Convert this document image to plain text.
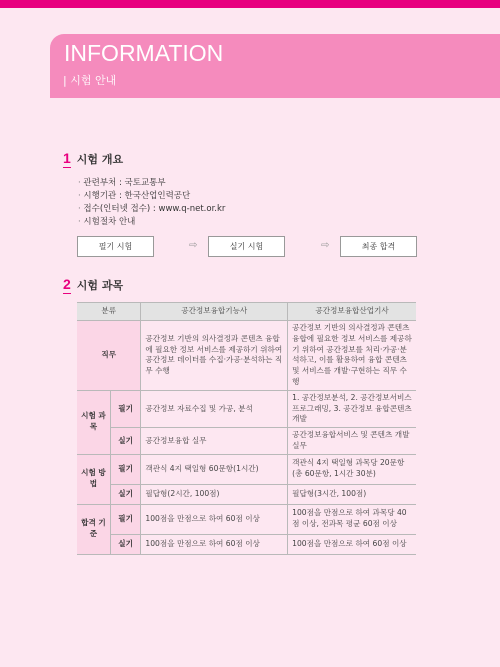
INFORMATION
| 시험 안내
1 시험 개요
· 관련부처 : 국토교통부
· 시행기관 : 한국산업인력공단
· 접수(인터넷 접수) : www.q-net.or.kr
· 시험절차 안내
필기 시험	⇨	실기 시험	⇨	최종 합격
2 시험 과목
분류		공간정보융합기능사	공간정보융합산업기사
직무		공간정보 기반의 의사결정과 콘텐츠 융합에 필요한 정보 서비스를 제공하기 위하여 공간정보 데이터를 수집·가공·분석하는 직무 수행	공간정보 기반의 의사결정과 콘텐츠 융합에 필요한 정보 서비스를 제공하기 위하여 공간정보를 처리·가공·분석하고, 이를 활용하여 융합 콘텐츠 및 서비스를 개발·구현하는 직무 수행
시험 과목	필기	공간정보 자료수집 및 가공, 분석	1. 공간정보분석, 2. 공간정보서비스프로그래밍, 3. 공간정보 융합콘텐츠 개발
	실기	공간정보융합 실무	공간정보융합서비스 및 콘텐츠 개발 실무
시험 방법	필기	객관식 4지 택일형 60문항(1시간)	객관식 4지 택일형 과목당 20문항(총 60문항, 1시간 30분)
	실기	필답형(2시간, 100점)	필답형(3시간, 100점)
합격 기준	필기	100점을 만점으로 하여 60점 이상	100점을 만점으로 하여 과목당 40점 이상, 전과목 평균 60점 이상
	실기	100점을 만점으로 하여 60점 이상	100점을 만점으로 하여 60점 이상
